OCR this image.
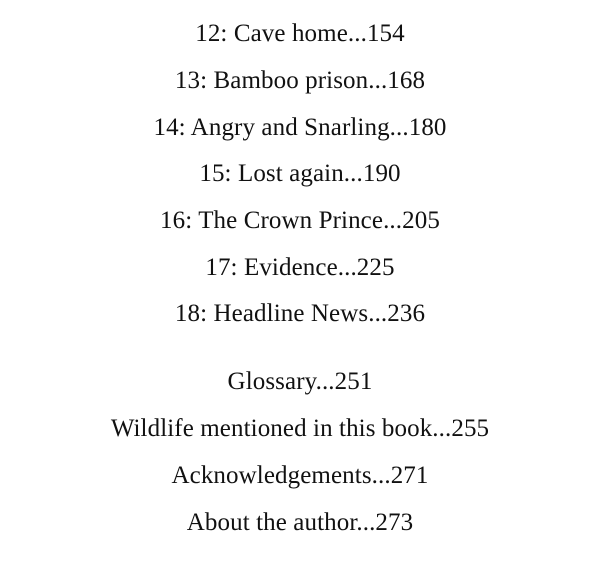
12: Cave home...154
13: Bamboo prison...168
14: Angry and Snarling...180
15: Lost again...190
16: The Crown Prince...205
17: Evidence...225
18: Headline News...236
Glossary...251
Wildlife mentioned in this book...255
Acknowledgements...271
About the author...273
